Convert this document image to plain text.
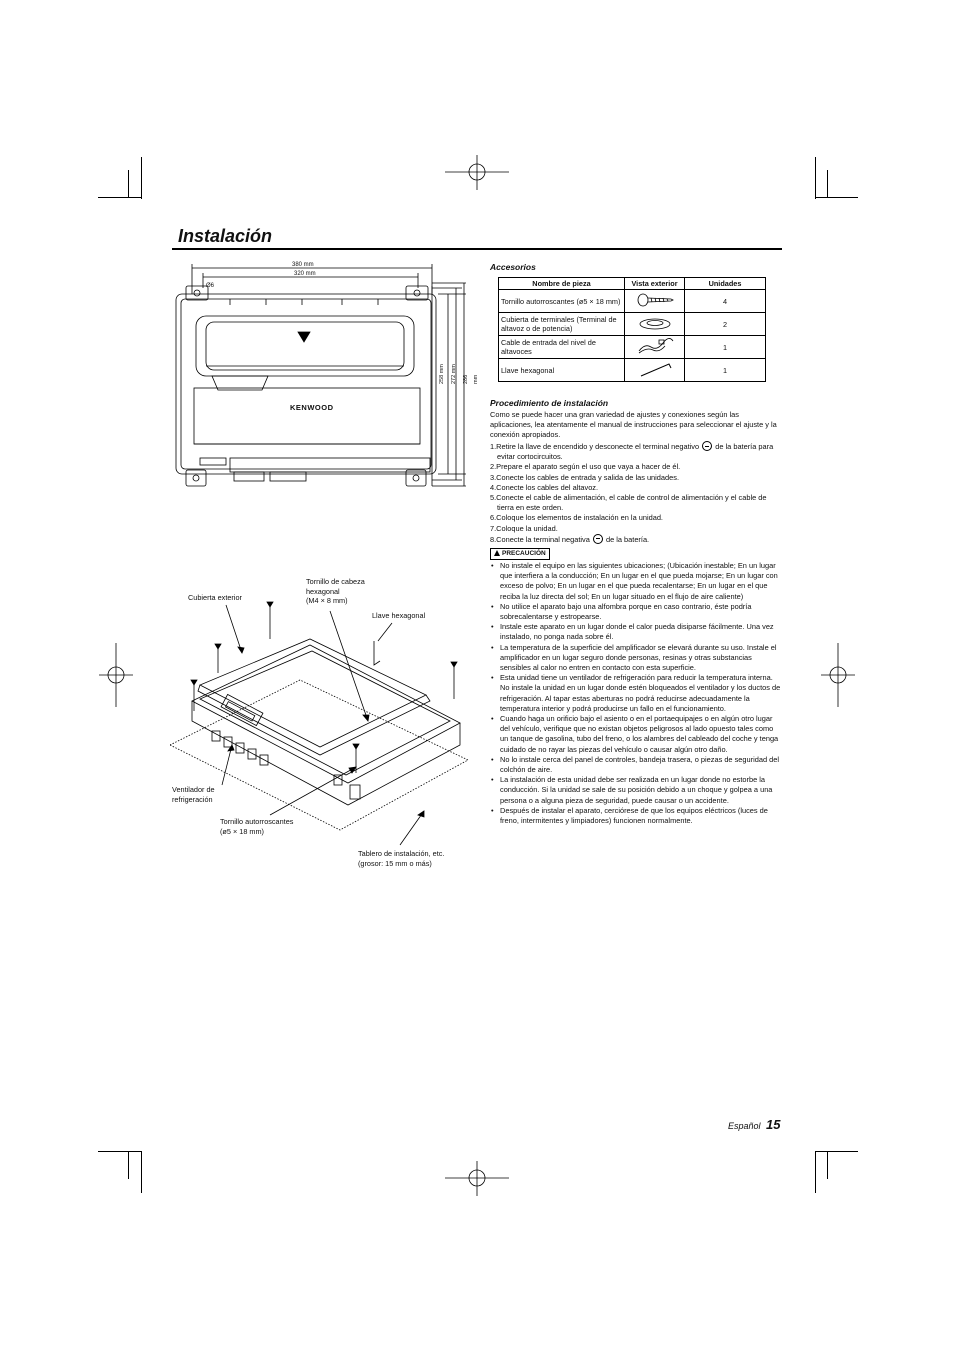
Instalación
380 mm
320 mm
Ø6
KENWOOD
258 mm	272 mm	286 mm
Cubierta exterior
Tornillo de cabeza
hexagonal
(M4 × 8 mm)
Llave hexagonal
Ventilador de
refrigeración
Tornillo autorroscantes
(ø5 × 18 mm)
Tablero de instalación, etc.
(grosor: 15 mm o más)
Accesorios
Nombre de pieza	Vista exterior	Unidades
Tornillo autorroscantes (ø5 × 18 mm)		4
Cubierta de terminales (Terminal de altavoz o de potencia)		2
Cable de entrada del nivel de altavoces		1
Llave hexagonal		1
Procedimiento de instalación
Como se puede hacer una gran variedad de ajustes y conexiones según las aplicaciones, lea atentamente el manual de instrucciones para seleccionar el ajuste y la conexión apropiados.
1.Retire la llave de encendido y desconecte el terminal negativo de la batería para evitar cortocircuitos.
2.Prepare el aparato según el uso que vaya a hacer de él.
3.Conecte los cables de entrada y salida de las unidades.
4.Conecte los cables del altavoz.
5.Conecte el cable de alimentación, el cable de control de alimentación y el cable de tierra en este orden.
6.Coloque los elementos de instalación en la unidad.
7.Coloque la unidad.
8.Conecte la terminal negativa de la batería.
PRECAUCIÓN
• No instale el equipo en las siguientes ubicaciones; (Ubicación inestable; En un lugar que interfiera a la conducción; En un lugar en el que pueda mojarse; En un lugar con exceso de polvo; En un lugar en el que pueda recalentarse; En un lugar en el que reciba la luz directa del sol; En un lugar situado en el flujo de aire caliente)
• No utilice el aparato bajo una alfombra porque en caso contrario, éste podría sobrecalentarse y estropearse.
• Instale este aparato en un lugar donde el calor pueda disiparse fácilmente. Una vez instalado, no ponga nada sobre él.
• La temperatura de la superficie del amplificador se elevará durante su uso. Instale el amplificador en un lugar seguro donde personas, resinas y otras substancias sensibles al calor no entren en contacto con esta superficie.
• Esta unidad tiene un ventilador de refrigeración para reducir la temperatura interna. No instale la unidad en un lugar donde estén bloqueados el ventilador y los ductos de refrigeración. Al tapar estas aberturas no podrá reducirse adecuadamente la temperatura interior y podrá producirse un fallo en el funcionamiento.
• Cuando haga un orificio bajo el asiento o en el portaequipajes o en algún otro lugar del vehículo, verifique que no existan objetos peligrosos al lado opuesto tales como un tanque de gasolina, tubo del freno, o los alambres del cableado del coche y tenga cuidado de no rayar las piezas del vehículo o causar algún otro daño.
• No lo instale cerca del panel de controles, bandeja trasera, o piezas de seguridad del colchón de aire.
• La instalación de esta unidad debe ser realizada en un lugar donde no estorbe la conducción. Si la unidad se sale de su posición debido a un choque y golpea a una persona o a alguna pieza de seguridad, puede causar o un accidente.
• Después de instalar el aparato, cerciórese de que los equipos eléctricos (luces de freno, intermitentes y limpiadores) funcionen normalmente.
Español 15
